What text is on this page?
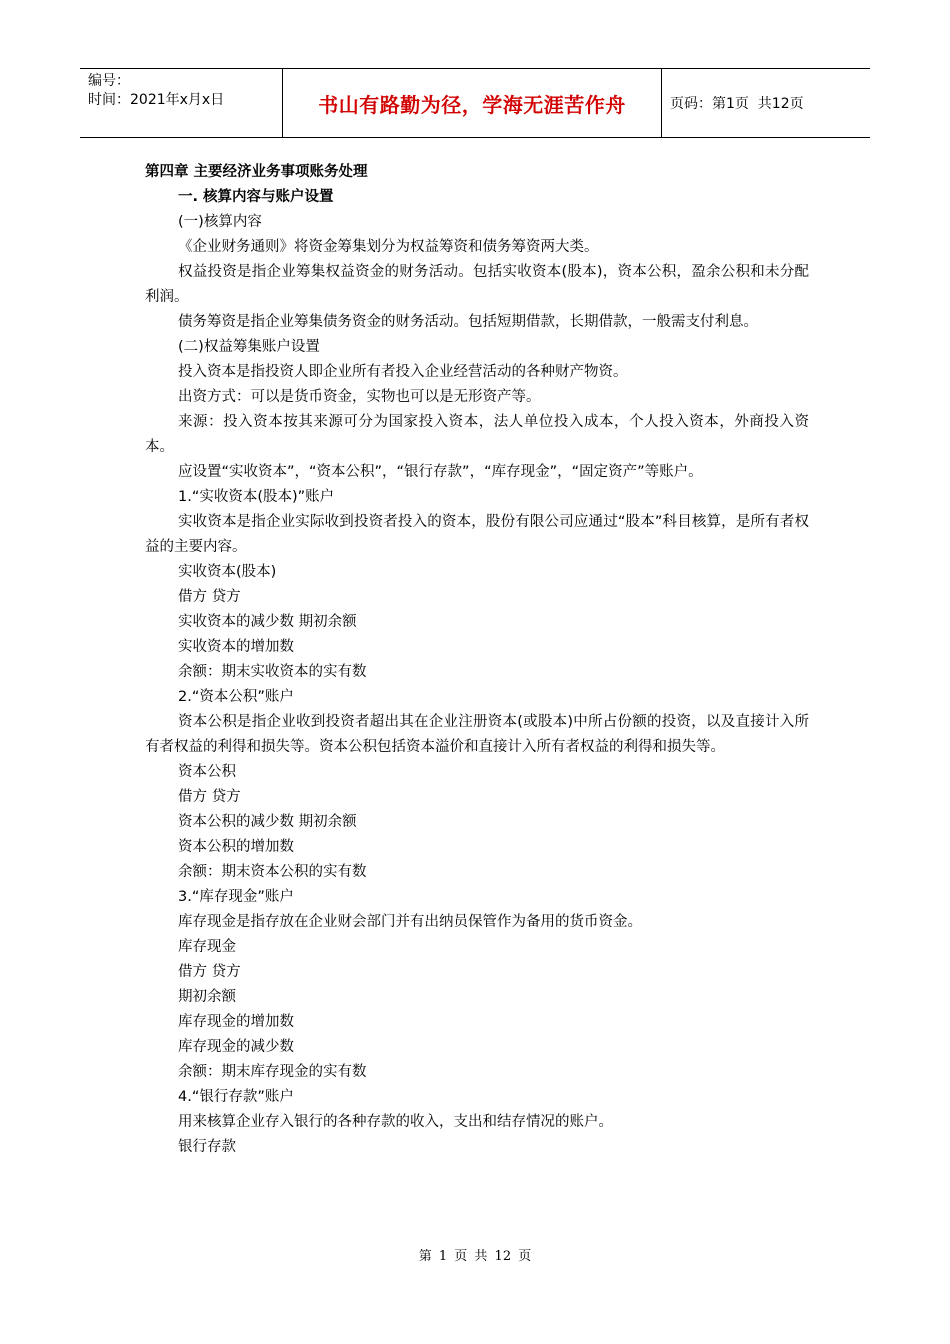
编号：
时间：2021年x月x日	书山有路勤为径，学海无涯苦作舟	页码：第1页  共12页

第四章 主要经济业务事项账务处理

一. 核算内容与账户设置

(一)核算内容

《企业财务通则》将资金筹集划分为权益筹资和债务筹资两大类。

权益投资是指企业筹集权益资金的财务活动。包括实收资本(股本)，资本公积，盈余公积和未分配利润。

债务筹资是指企业筹集债务资金的财务活动。包括短期借款，长期借款，一般需支付利息。

(二)权益筹集账户设置

投入资本是指投资人即企业所有者投入企业经营活动的各种财产物资。

出资方式：可以是货币资金，实物也可以是无形资产等。

来源：投入资本按其来源可分为国家投入资本，法人单位投入成本，个人投入资本，外商投入资本。

应设置“实收资本”，“资本公积”，“银行存款”，“库存现金”，“固定资产”等账户。

1.“实收资本(股本)”账户

实收资本是指企业实际收到投资者投入的资本，股份有限公司应通过“股本”科目核算，是所有者权益的主要内容。

实收资本(股本)

借方 贷方

实收资本的减少数 期初余额

实收资本的增加数

余额：期末实收资本的实有数

2.“资本公积”账户

资本公积是指企业收到投资者超出其在企业注册资本(或股本)中所占份额的投资，以及直接计入所有者权益的利得和损失等。资本公积包括资本溢价和直接计入所有者权益的利得和损失等。

资本公积

借方 贷方

资本公积的减少数 期初余额

资本公积的增加数

余额：期末资本公积的实有数

3.“库存现金”账户

库存现金是指存放在企业财会部门并有出纳员保管作为备用的货币资金。

库存现金

借方 贷方

期初余额

库存现金的增加数

库存现金的减少数

余额：期末库存现金的实有数

4.“银行存款”账户

用来核算企业存入银行的各种存款的收入，支出和结存情况的账户。

银行存款

第 1 页 共 12 页
